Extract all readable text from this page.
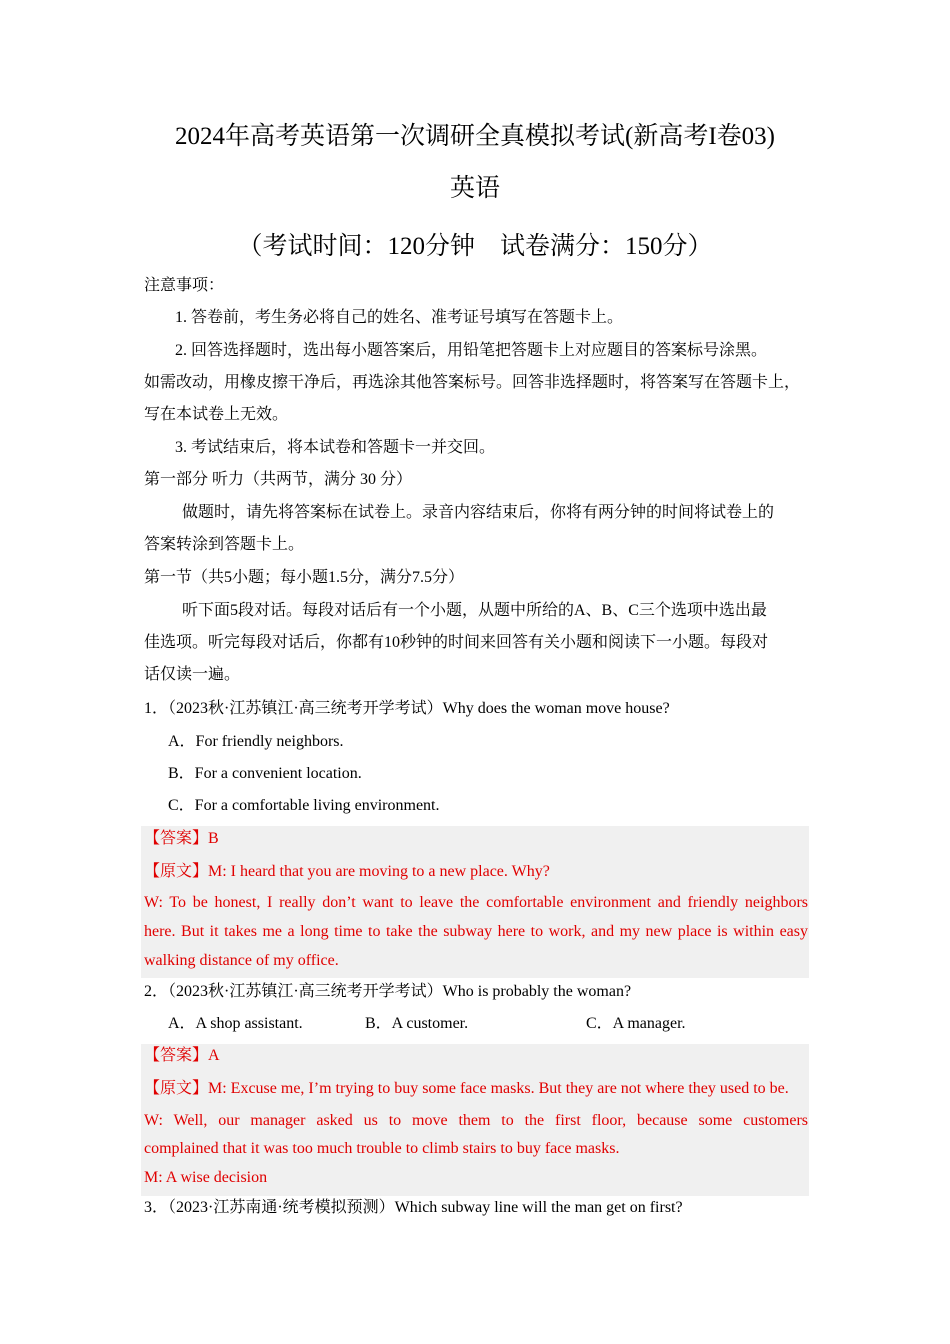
2024年高考英语第一次调研全真模拟考试(新高考I卷03)
英语
（考试时间：120分钟　试卷满分：150分）
注意事项：
1. 答卷前，考生务必将自己的姓名、准考证号填写在答题卡上。
2. 回答选择题时，选出每小题答案后，用铅笔把答题卡上对应题目的答案标号涂黑。
如需改动，用橡皮擦干净后，再选涂其他答案标号。回答非选择题时，将答案写在答题卡上，
写在本试卷上无效。
3. 考试结束后，将本试卷和答题卡一并交回。
第一部分 听力（共两节，满分 30 分）
做题时，请先将答案标在试卷上。录音内容结束后，你将有两分钟的时间将试卷上的
答案转涂到答题卡上。
第一节（共5小题；每小题1.5分，满分7.5分）
听下面5段对话。每段对话后有一个小题，从题中所给的A、B、C三个选项中选出最
佳选项。听完每段对话后，你都有10秒钟的时间来回答有关小题和阅读下一小题。每段对
话仅读一遍。
1．（2023秋·江苏镇江·高三统考开学考试）Why does the woman move house?
A．For friendly neighbors.
B．For a convenient location.
C．For a comfortable living environment.
【答案】B
【原文】M: I heard that you are moving to a new place. Why?
W: To be honest, I really don’t want to leave the comfortable environment and friendly neighbors
here. But it takes me a long time to take the subway here to work, and my new place is within easy
walking distance of my office.
2．（2023秋·江苏镇江·高三统考开学考试）Who is probably the woman?
A．A shop assistant.	B．A customer.	C．A manager.
【答案】A
【原文】M: Excuse me, I’m trying to buy some face masks. But they are not where they used to be.
W: Well, our manager asked us to move them to the first floor, because some customers
complained that it was too much trouble to climb stairs to buy face masks.
M: A wise decision
3．（2023·江苏南通·统考模拟预测）Which subway line will the man get on first?
